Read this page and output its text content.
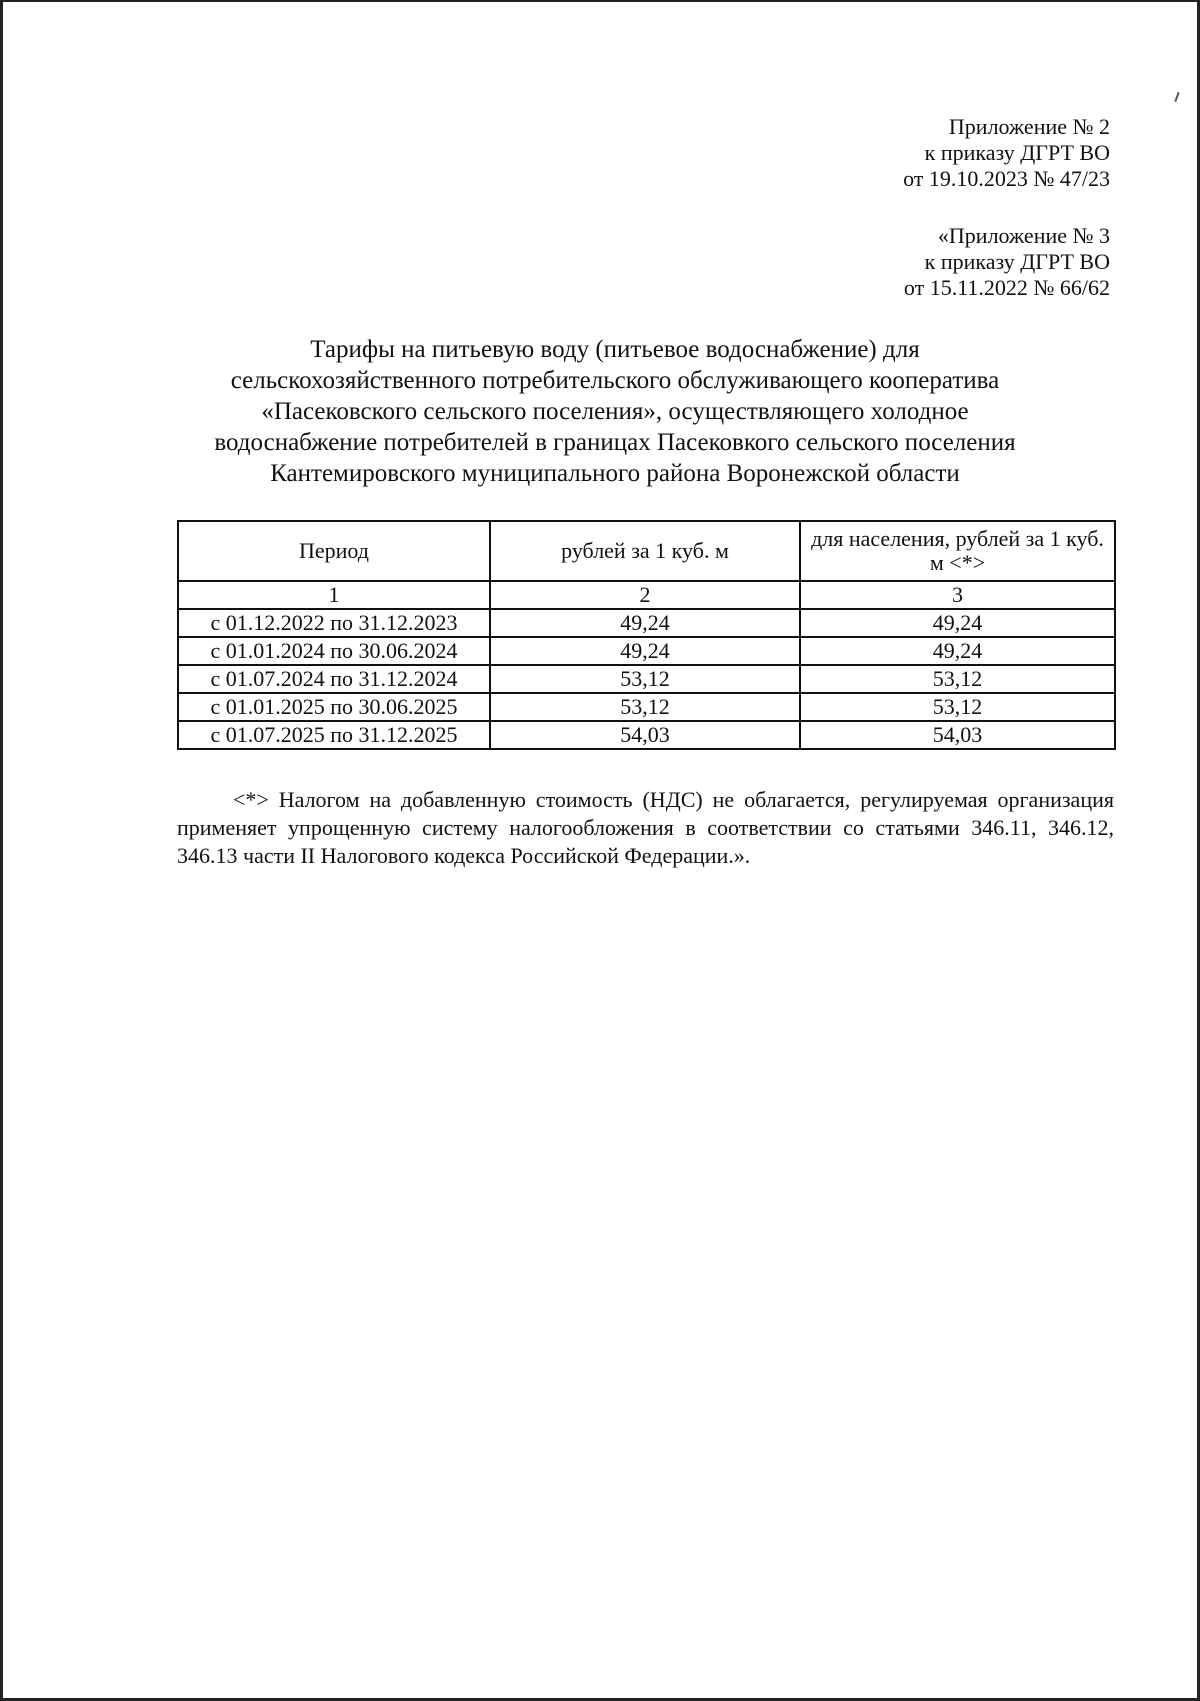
Приложение № 2
к приказу ДГРТ ВО
от 19.10.2023 № 47/23
«Приложение № 3
к приказу ДГРТ ВО
от 15.11.2022 № 66/62
Тарифы на питьевую воду (питьевое водоснабжение) для
сельскохозяйственного потребительского обслуживающего кооператива
«Пасековского сельского поселения», осуществляющего холодное
водоснабжение потребителей в границах Пасековкого сельского поселения
Кантемировского муниципального района Воронежской области
Период	рублей за 1 куб. м	для населения, рублей за 1 куб. м <*>
1	2	3
с 01.12.2022 по 31.12.2023	49,24	49,24
с 01.01.2024 по 30.06.2024	49,24	49,24
с 01.07.2024 по 31.12.2024	53,12	53,12
с 01.01.2025 по 30.06.2025	53,12	53,12
с 01.07.2025 по 31.12.2025	54,03	54,03
<*> Налогом на добавленную стоимость (НДС) не облагается, регулируемая организация применяет упрощенную систему налогообложения в соответствии со статьями 346.11, 346.12, 346.13 части II Налогового кодекса Российской Федерации.».
